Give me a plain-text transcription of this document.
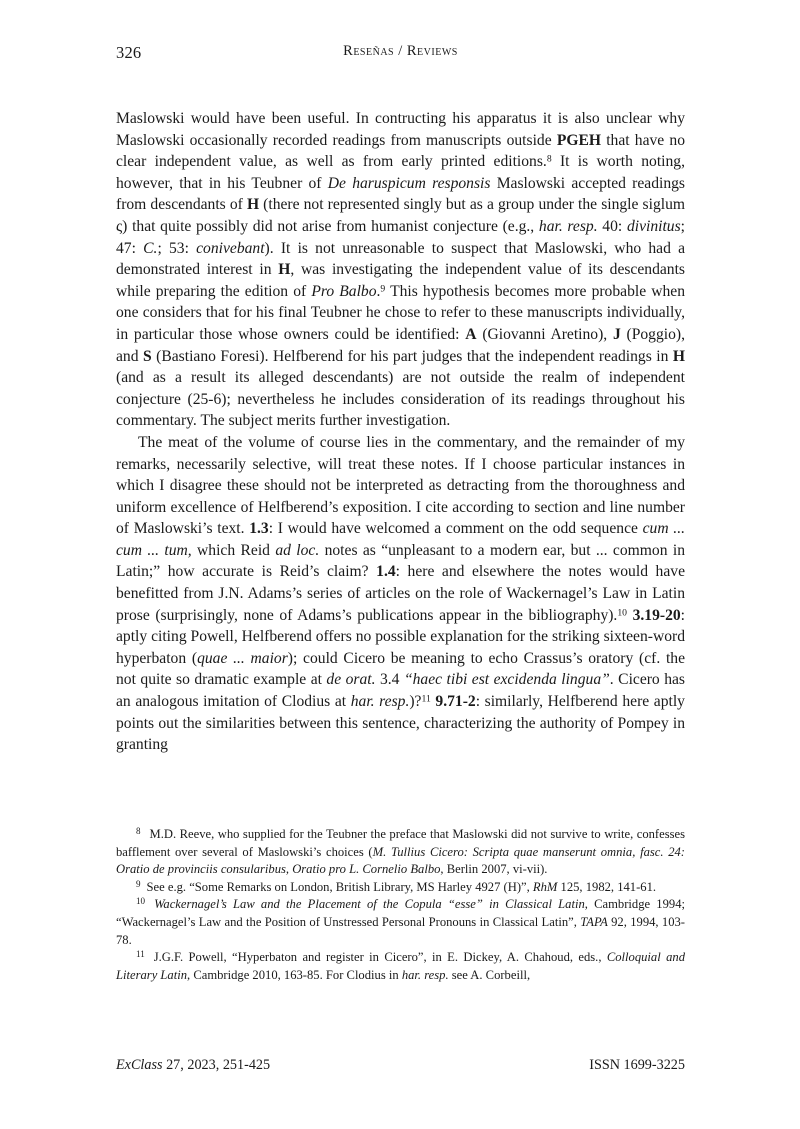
326	Reseñas / Reviews

Maslowski would have been useful. In contructing his apparatus it is also unclear why Maslowski occasionally recorded readings from manuscripts outside PGEH that have no clear independent value, as well as from early printed editions.$^8$ It is worth noting, however, that in his Teubner of De haruspicum responsis Maslowski accepted readings from descendants of H (there not represented singly but as a group under the single siglum ς) that quite possibly did not arise from humanist conjecture (e.g., har. resp. 40: divinitus; 47: C.; 53: conivebant). It is not unreasonable to suspect that Maslowski, who had a demonstrated interest in H, was investigating the independent value of its descendants while preparing the edition of Pro Balbo.$^9$ This hypothesis becomes more probable when one considers that for his final Teubner he chose to refer to these manuscripts individually, in particular those whose owners could be identified: A (Giovanni Aretino), J (Poggio), and S (Bastiano Foresi). Helfberend for his part judges that the independent readings in H (and as a result its alleged descendants) are not outside the realm of independent conjecture (25-6); nevertheless he includes consideration of its readings throughout his commentary. The subject merits further investigation.

The meat of the volume of course lies in the commentary, and the remainder of my remarks, necessarily selective, will treat these notes. If I choose particular instances in which I disagree these should not be interpreted as detracting from the thoroughness and uniform excellence of Helfberend’s exposition. I cite according to section and line number of Maslowski’s text. 1.3: I would have welcomed a comment on the odd sequence cum ... cum ... tum, which Reid ad loc. notes as “unpleasant to a modern ear, but ... common in Latin;” how accurate is Reid’s claim? 1.4: here and elsewhere the notes would have benefitted from J.N. Adams’s series of articles on the role of Wackernagel’s Law in Latin prose (surprisingly, none of Adams’s publications appear in the bibliography).$^{10}$ 3.19-20: aptly citing Powell, Helfberend offers no possible explanation for the striking sixteen-word hyperbaton (quae ... maior); could Cicero be meaning to echo Crassus’s oratory (cf. the not quite so dramatic example at de orat. 3.4 “haec tibi est excidenda lingua”. Cicero has an analogous imitation of Clodius at har. resp.)?$^{11}$ 9.71-2: similarly, Helfberend here aptly points out the similarities between this sentence, characterizing the authority of Pompey in granting

$^8$ M.D. Reeve, who supplied for the Teubner the preface that Maslowski did not survive to write, confesses bafflement over several of Maslowski’s choices (M. Tullius Cicero: Scripta quae manserunt omnia, fasc. 24: Oratio de provinciis consularibus, Oratio pro L. Cornelio Balbo, Berlin 2007, vi-vii).

$^9$ See e.g. “Some Remarks on London, British Library, MS Harley 4927 (H)”, RhM 125, 1982, 141-61.

$^{10}$ Wackernagel’s Law and the Placement of the Copula “esse” in Classical Latin, Cambridge 1994; “Wackernagel’s Law and the Position of Unstressed Personal Pronouns in Classical Latin”, TAPA 92, 1994, 103-78.

$^{11}$ J.G.F. Powell, “Hyperbaton and register in Cicero”, in E. Dickey, A. Chahoud, eds., Colloquial and Literary Latin, Cambridge 2010, 163-85. For Clodius in har. resp. see A. Corbeill,

ExClass 27, 2023, 251-425	ISSN 1699-3225
